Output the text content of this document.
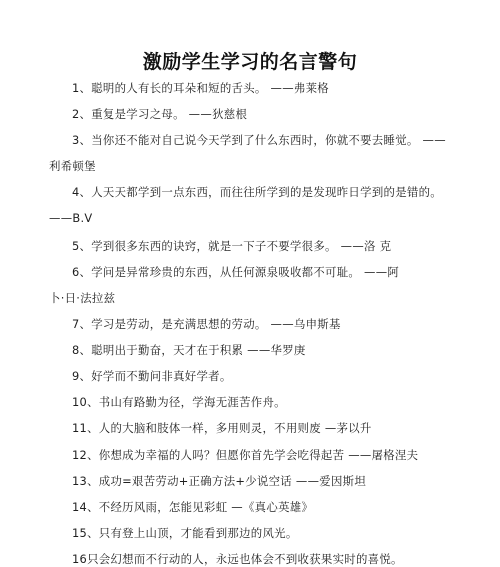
激励学生学习的名言警句
1、聪明的人有长的耳朵和短的舌头。 ——弗莱格
2、重复是学习之母。 ——狄慈根
3、当你还不能对自己说今天学到了什么东西时，你就不要去睡觉。 ——
利希顿堡
4、人天天都学到一点东西，而往往所学到的是发现昨日学到的是错的。
——B.V
5、学到很多东西的诀窍，就是一下子不要学很多。 ——洛 克
6、学问是异常珍贵的东西，从任何源泉吸收都不可耻。 ——阿
卜·日·法拉兹
7、学习是劳动，是充满思想的劳动。 ——乌申斯基
8、聪明出于勤奋，天才在于积累 ——华罗庚
9、好学而不勤问非真好学者。
10、书山有路勤为径，学海无涯苦作舟。
11、人的大脑和肢体一样，多用则灵，不用则废 —茅以升
12、你想成为幸福的人吗？但愿你首先学会吃得起苦 ——屠格涅夫
13、成功=艰苦劳动+正确方法+少说空话 ——爱因斯坦
14、不经历风雨，怎能见彩虹 —《真心英雄》
15、只有登上山顶，才能看到那边的风光。
16只会幻想而不行动的人，永远也体会不到收获果实时的喜悦。
